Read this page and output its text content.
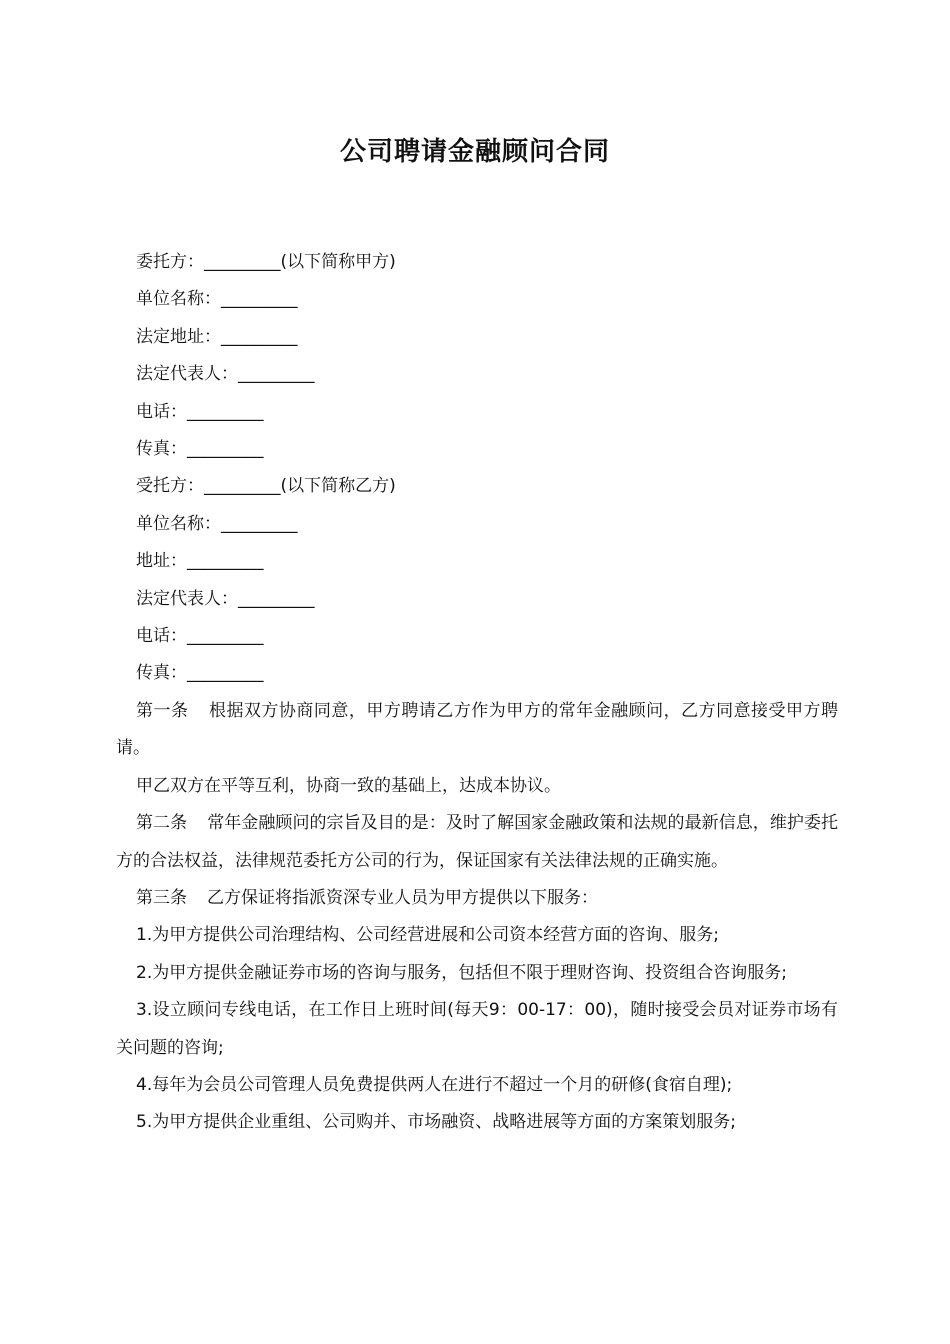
公司聘请金融顾问合同
委托方：_________(以下简称甲方)
单位名称：_________
法定地址：_________
法定代表人：_________
电话：_________
传真：_________
受托方：_________(以下简称乙方)
单位名称：_________
地址：_________
法定代表人：_________
电话：_________
传真：_________
第一条 根据双方协商同意，甲方聘请乙方作为甲方的常年金融顾问，乙方同意接受甲方聘请。
甲乙双方在平等互利，协商一致的基础上，达成本协议。
第二条 常年金融顾问的宗旨及目的是：及时了解国家金融政策和法规的最新信息，维护委托方的合法权益，法律规范委托方公司的行为，保证国家有关法律法规的正确实施。
第三条 乙方保证将指派资深专业人员为甲方提供以下服务：
1.为甲方提供公司治理结构、公司经营进展和公司资本经营方面的咨询、服务;
2.为甲方提供金融证券市场的咨询与服务，包括但不限于理财咨询、投资组合咨询服务;
3.设立顾问专线电话，在工作日上班时间(每天9：00-17：00)，随时接受会员对证券市场有关问题的咨询;
4.每年为会员公司管理人员免费提供两人在进行不超过一个月的研修(食宿自理);
5.为甲方提供企业重组、公司购并、市场融资、战略进展等方面的方案策划服务;
